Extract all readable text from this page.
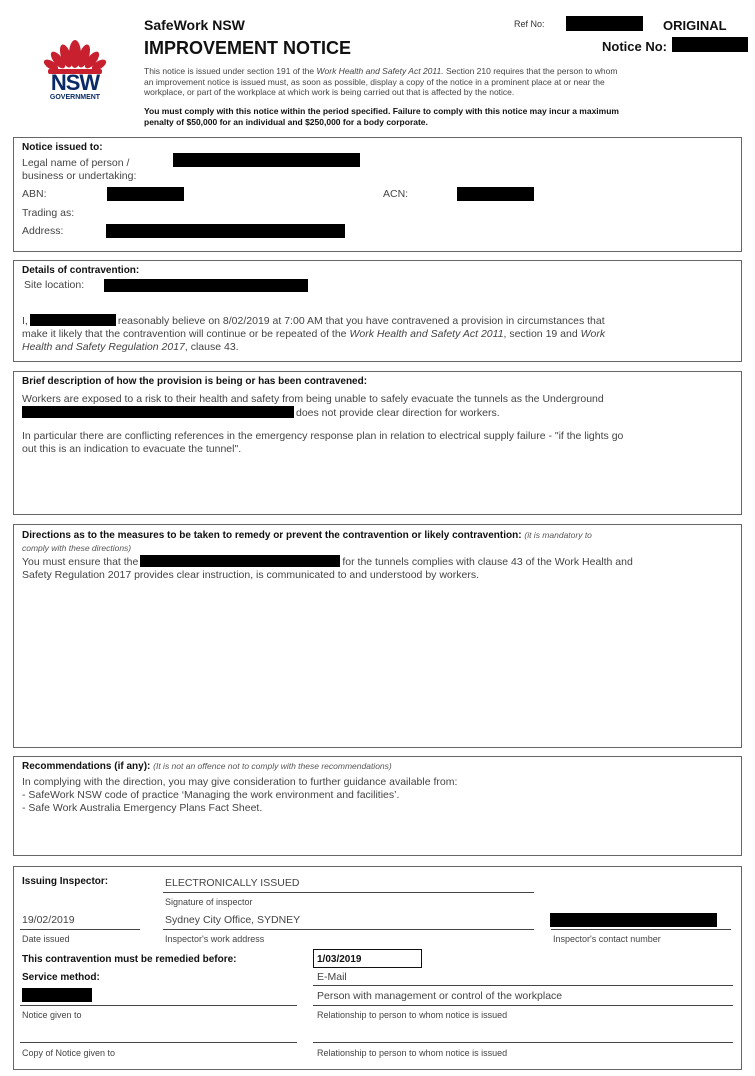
NSW
GOVERNMENT
SafeWork NSW
IMPROVEMENT NOTICE
Ref No:	ORIGINAL
Notice No:
This notice is issued under section 191 of the Work Health and Safety Act 2011. Section 210 requires that the person to whom
an improvement notice is issued must, as soon as possible, display a copy of the notice in a prominent place at or near the
workplace, or part of the workplace at which work is being carried out that is affected by the notice.
You must comply with this notice within the period specified. Failure to comply with this notice may incur a maximum
penalty of $50,000 for an individual and $250,000 for a body corporate.
Notice issued to:
Legal name of person /
business or undertaking:
ABN:	ACN:
Trading as:
Address:
Details of contravention:
Site location:
I,	reasonably believe on 8/02/2019 at 7:00 AM that you have contravened a provision in circumstances that
make it likely that the contravention will continue or be repeated of the Work Health and Safety Act 2011, section 19 and Work
Health and Safety Regulation 2017, clause 43.
Brief description of how the provision is being or has been contravened:
Workers are exposed to a risk to their health and safety from being unable to safely evacuate the tunnels as the Underground
does not provide clear direction for workers.
In particular there are conflicting references in the emergency response plan in relation to electrical supply failure - "if the lights go
out this is an indication to evacuate the tunnel".
Directions as to the measures to be taken to remedy or prevent the contravention or likely contravention: (it is mandatory to
comply with these directions)
You must ensure that the	for the tunnels complies with clause 43 of the Work Health and
Safety Regulation 2017 provides clear instruction, is communicated to and understood by workers.
Recommendations (if any): (It is not an offence not to comply with these recommendations)
In complying with the direction, you may give consideration to further guidance available from:
- SafeWork NSW code of practice ‘Managing the work environment and facilities’.
- Safe Work Australia Emergency Plans Fact Sheet.
Issuing Inspector:	ELECTRONICALLY ISSUED
Signature of inspector
19/02/2019
Date issued
Sydney City Office, SYDNEY
Inspector's work address	Inspector's contact number
This contravention must be remedied before:	1/03/2019
Service method:	E-Mail
Person with management or control of the workplace
Notice given to	Relationship to person to whom notice is issued
Copy of Notice given to	Relationship to person to whom notice is issued
